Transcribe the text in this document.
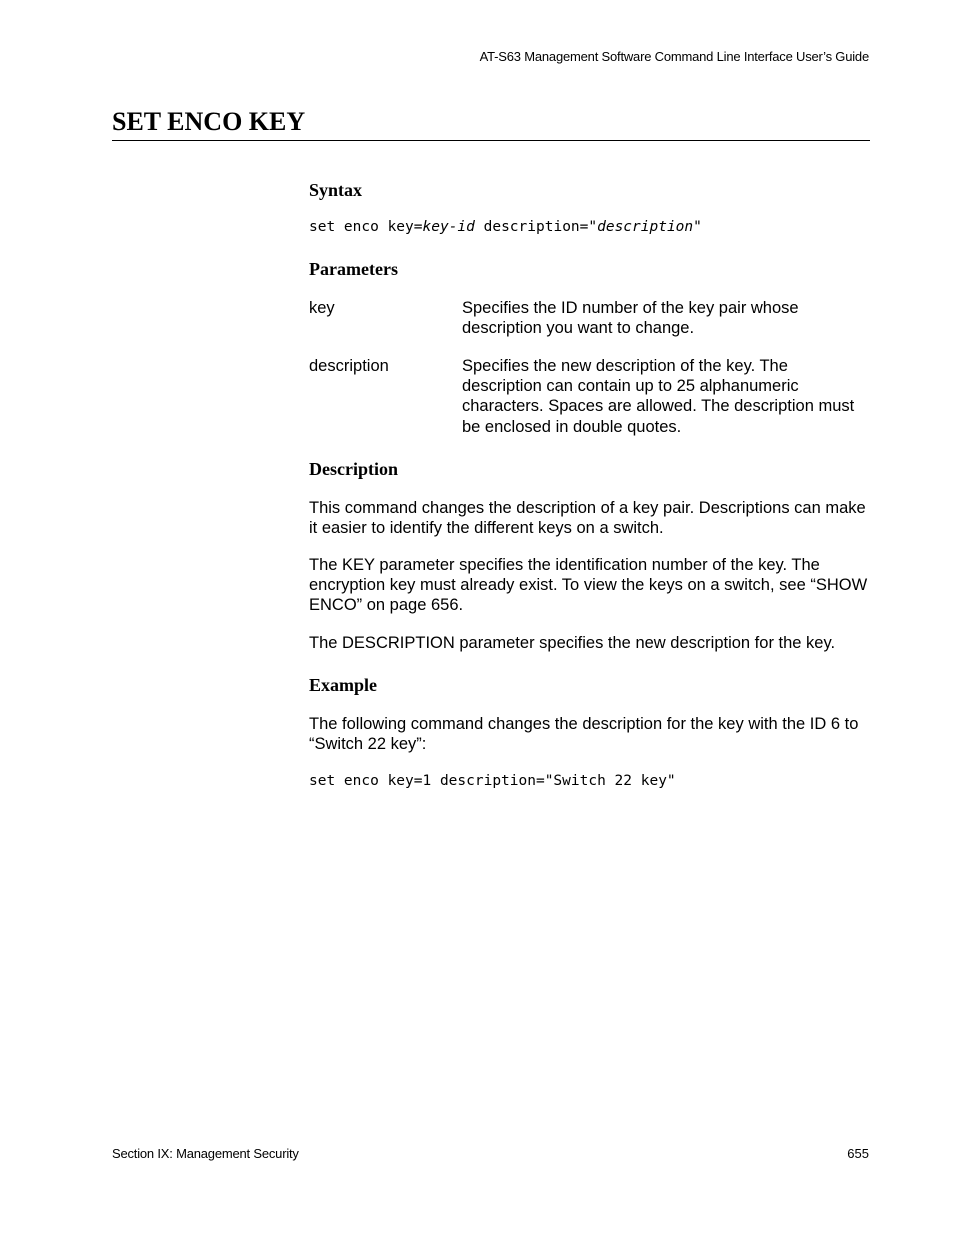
AT-S63 Management Software Command Line Interface User’s Guide
SET ENCO KEY
Syntax

set enco key=key-id description="description"

Parameters

key	Specifies the ID number of the key pair whose description you want to change.

description	Specifies the new description of the key. The description can contain up to 25 alphanumeric characters. Spaces are allowed. The description must be enclosed in double quotes.

Description

This command changes the description of a key pair. Descriptions can make it easier to identify the different keys on a switch.

The KEY parameter specifies the identification number of the key. The encryption key must already exist. To view the keys on a switch, see “SHOW ENCO” on page 656.

The DESCRIPTION parameter specifies the new description for the key.

Example

The following command changes the description for the key with the ID 6 to “Switch 22 key”:

set enco key=1 description="Switch 22 key"

Section IX: Management Security	655
